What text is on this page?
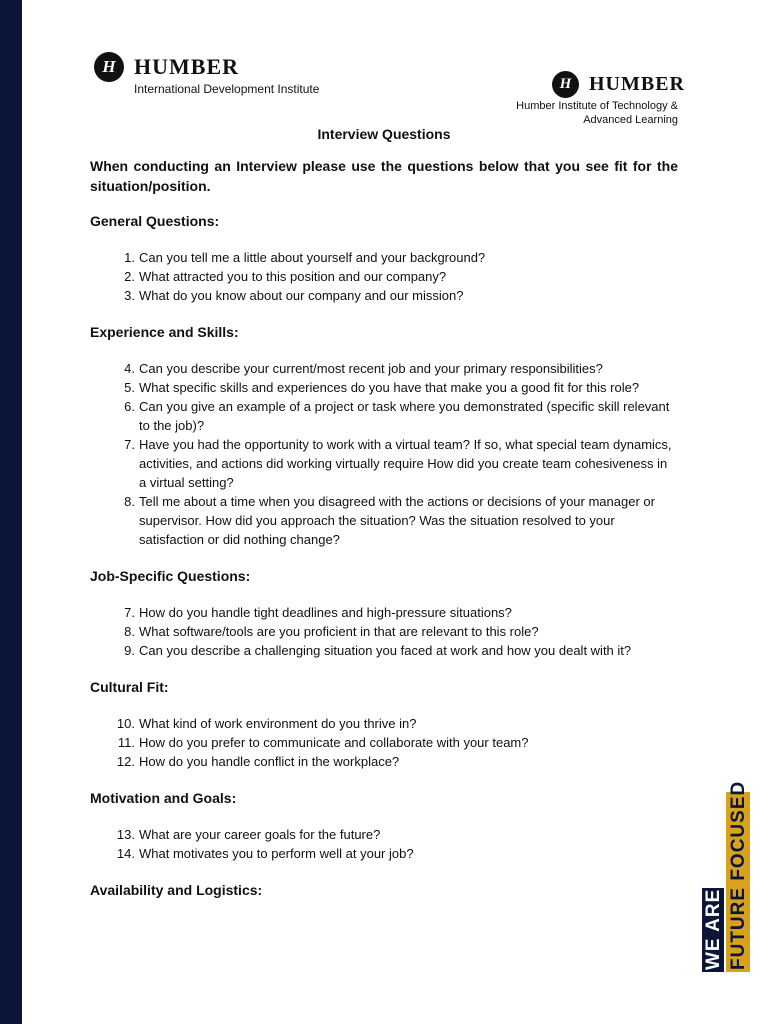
H HUMBER
International Development Institute	H HUMBER
Humber Institute of Technology &
Advanced Learning
Interview Questions
When conducting an Interview please use the questions below that you see fit for the situation/position.
General Questions:
1. Can you tell me a little about yourself and your background?
2. What attracted you to this position and our company?
3. What do you know about our company and our mission?
Experience and Skills:
4. Can you describe your current/most recent job and your primary responsibilities?
5. What specific skills and experiences do you have that make you a good fit for this role?
6. Can you give an example of a project or task where you demonstrated (specific skill relevant to the job)?
7. Have you had the opportunity to work with a virtual team? If so, what special team dynamics, activities, and actions did working virtually require How did you create team cohesiveness in a virtual setting?
8. Tell me about a time when you disagreed with the actions or decisions of your manager or supervisor. How did you approach the situation? Was the situation resolved to your satisfaction or did nothing change?
Job-Specific Questions:
7. How do you handle tight deadlines and high-pressure situations?
8. What software/tools are you proficient in that are relevant to this role?
9. Can you describe a challenging situation you faced at work and how you dealt with it?
Cultural Fit:
10. What kind of work environment do you thrive in?
11. How do you prefer to communicate and collaborate with your team?
12. How do you handle conflict in the workplace?
Motivation and Goals:
13. What are your career goals for the future?
14. What motivates you to perform well at your job?
Availability and Logistics:	WE ARE FUTURE FOCUSED
